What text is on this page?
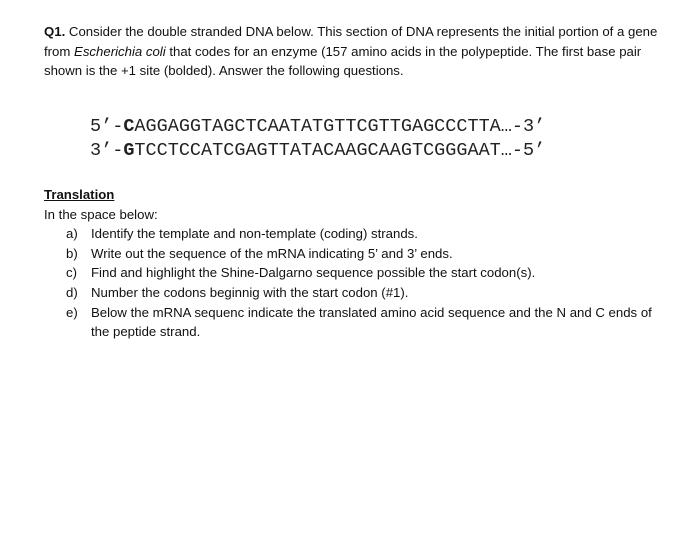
Q1. Consider the double stranded DNA below. This section of DNA represents the initial portion of a gene from Escherichia coli that codes for an enzyme (157 amino acids in the polypeptide. The first base pair shown is the +1 site (bolded). Answer the following questions.

5’-CAGGAGGTAGCTCAATATGTTCGTTGAGCCCTTA…-3’
3’-GTCCTCCATCGAGTTATACAAGCAAGTCGGGAAT…-5’

Translation

In the space below:

a)	Identify the template and non-template (coding) strands.
b)	Write out the sequence of the mRNA indicating 5’ and 3’ ends.
c)	Find and highlight the Shine-Dalgarno sequence possible the start codon(s).
d)	Number the codons beginnig with the start codon (#1).
e)	Below the mRNA sequenc indicate the translated amino acid sequence and the N and C ends of the peptide strand.
